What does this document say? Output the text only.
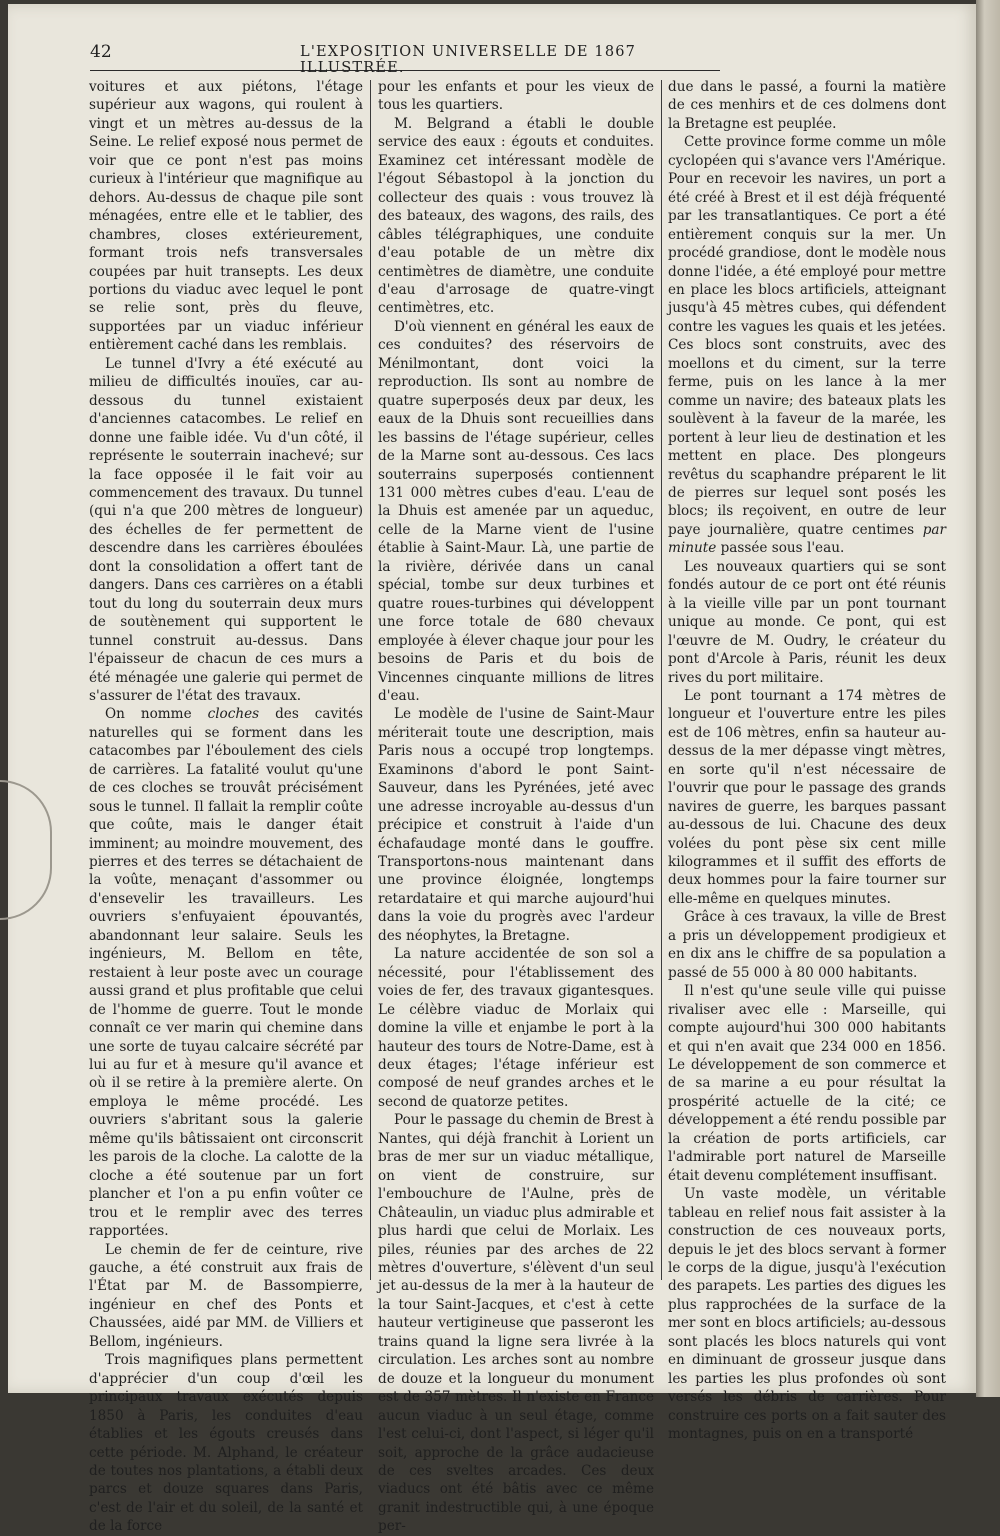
42	L'EXPOSITION UNIVERSELLE DE 1867 ILLUSTRÉE.

voitures et aux piétons, l'étage supérieur aux wagons, qui roulent à vingt et un mètres au-dessus de la Seine. Le relief exposé nous permet de voir que ce pont n'est pas moins curieux à l'intérieur que magnifique au dehors. Au-dessus de chaque pile sont ménagées, entre elle et le tablier, des chambres, closes extérieurement, formant trois nefs transversales coupées par huit transepts. Les deux portions du viaduc avec lequel le pont se relie sont, près du fleuve, supportées par un viaduc inférieur entièrement caché dans les remblais.

Le tunnel d'Ivry a été exécuté au milieu de difficultés inouïes, car au-dessous du tunnel existaient d'anciennes catacombes. Le relief en donne une faible idée. Vu d'un côté, il représente le souterrain inachevé; sur la face opposée il le fait voir au commencement des travaux. Du tunnel (qui n'a que 200 mètres de longueur) des échelles de fer permettent de descendre dans les carrières éboulées dont la consolidation a offert tant de dangers. Dans ces carrières on a établi tout du long du souterrain deux murs de soutènement qui supportent le tunnel construit au-dessus. Dans l'épaisseur de chacun de ces murs a été ménagée une galerie qui permet de s'assurer de l'état des travaux.

On nomme cloches des cavités naturelles qui se forment dans les catacombes par l'éboulement des ciels de carrières. La fatalité voulut qu'une de ces cloches se trouvât précisément sous le tunnel. Il fallait la remplir coûte que coûte, mais le danger était imminent; au moindre mouvement, des pierres et des terres se détachaient de la voûte, menaçant d'assommer ou d'ensevelir les travailleurs. Les ouvriers s'enfuyaient épouvantés, abandonnant leur salaire. Seuls les ingénieurs, M. Bellom en tête, restaient à leur poste avec un courage aussi grand et plus profitable que celui de l'homme de guerre. Tout le monde connaît ce ver marin qui chemine dans une sorte de tuyau calcaire sécrété par lui au fur et à mesure qu'il avance et où il se retire à la première alerte. On employa le même procédé. Les ouvriers s'abritant sous la galerie même qu'ils bâtissaient ont circonscrit les parois de la cloche. La calotte de la cloche a été soutenue par un fort plancher et l'on a pu enfin voûter ce trou et le remplir avec des terres rapportées.

Le chemin de fer de ceinture, rive gauche, a été construit aux frais de l'État par M. de Bassompierre, ingénieur en chef des Ponts et Chaussées, aidé par MM. de Villiers et Bellom, ingénieurs.

Trois magnifiques plans permettent d'apprécier d'un coup d'œil les principaux travaux exécutés depuis 1850 à Paris, les conduites d'eau établies et les égouts creusés dans cette période. M. Alphand, le créateur de toutes nos plantations, a établi deux parcs et douze squares dans Paris, c'est de l'air et du soleil, de la santé et de la force

pour les enfants et pour les vieux de tous les quartiers.

M. Belgrand a établi le double service des eaux : égouts et conduites. Examinez cet intéressant modèle de l'égout Sébastopol à la jonction du collecteur des quais : vous trouvez là des bateaux, des wagons, des rails, des câbles télégraphiques, une conduite d'eau potable de un mètre dix centimètres de diamètre, une conduite d'eau d'arrosage de quatre-vingt centimètres, etc.

D'où viennent en général les eaux de ces conduites? des réservoirs de Ménilmontant, dont voici la reproduction. Ils sont au nombre de quatre superposés deux par deux, les eaux de la Dhuis sont recueillies dans les bassins de l'étage supérieur, celles de la Marne sont au-dessous. Ces lacs souterrains superposés contiennent 131 000 mètres cubes d'eau. L'eau de la Dhuis est amenée par un aqueduc, celle de la Marne vient de l'usine établie à Saint-Maur. Là, une partie de la rivière, dérivée dans un canal spécial, tombe sur deux turbines et quatre roues-turbines qui développent une force totale de 680 chevaux employée à élever chaque jour pour les besoins de Paris et du bois de Vincennes cinquante millions de litres d'eau.

Le modèle de l'usine de Saint-Maur mériterait toute une description, mais Paris nous a occupé trop longtemps. Examinons d'abord le pont Saint-Sauveur, dans les Pyrénées, jeté avec une adresse incroyable au-dessus d'un précipice et construit à l'aide d'un échafaudage monté dans le gouffre. Transportons-nous maintenant dans une province éloignée, longtemps retardataire et qui marche aujourd'hui dans la voie du progrès avec l'ardeur des néophytes, la Bretagne.

La nature accidentée de son sol a nécessité, pour l'établissement des voies de fer, des travaux gigantesques. Le célèbre viaduc de Morlaix qui domine la ville et enjambe le port à la hauteur des tours de Notre-Dame, est à deux étages; l'étage inférieur est composé de neuf grandes arches et le second de quatorze petites.

Pour le passage du chemin de Brest à Nantes, qui déjà franchit à Lorient un bras de mer sur un viaduc métallique, on vient de construire, sur l'embouchure de l'Aulne, près de Châteaulin, un viaduc plus admirable et plus hardi que celui de Morlaix. Les piles, réunies par des arches de 22 mètres d'ouverture, s'élèvent d'un seul jet au-dessus de la mer à la hauteur de la tour Saint-Jacques, et c'est à cette hauteur vertigineuse que passeront les trains quand la ligne sera livrée à la circulation. Les arches sont au nombre de douze et la longueur du monument est de 357 mètres. Il n'existe en France aucun viaduc à un seul étage, comme l'est celui-ci, dont l'aspect, si léger qu'il soit, approche de la grâce audacieuse de ces sveltes arcades. Ces deux viaducs ont été bâtis avec ce même granit indestructible qui, à une époque per-

due dans le passé, a fourni la matière de ces menhirs et de ces dolmens dont la Bretagne est peuplée.

Cette province forme comme un môle cyclopéen qui s'avance vers l'Amérique. Pour en recevoir les navires, un port a été créé à Brest et il est déjà fréquenté par les transatlantiques. Ce port a été entièrement conquis sur la mer. Un procédé grandiose, dont le modèle nous donne l'idée, a été employé pour mettre en place les blocs artificiels, atteignant jusqu'à 45 mètres cubes, qui défendent contre les vagues les quais et les jetées. Ces blocs sont construits, avec des moellons et du ciment, sur la terre ferme, puis on les lance à la mer comme un navire; des bateaux plats les soulèvent à la faveur de la marée, les portent à leur lieu de destination et les mettent en place. Des plongeurs revêtus du scaphandre préparent le lit de pierres sur lequel sont posés les blocs; ils reçoivent, en outre de leur paye journalière, quatre centimes par minute passée sous l'eau.

Les nouveaux quartiers qui se sont fondés autour de ce port ont été réunis à la vieille ville par un pont tournant unique au monde. Ce pont, qui est l'œuvre de M. Oudry, le créateur du pont d'Arcole à Paris, réunit les deux rives du port militaire.

Le pont tournant a 174 mètres de longueur et l'ouverture entre les piles est de 106 mètres, enfin sa hauteur au-dessus de la mer dépasse vingt mètres, en sorte qu'il n'est nécessaire de l'ouvrir que pour le passage des grands navires de guerre, les barques passant au-dessous de lui. Chacune des deux volées du pont pèse six cent mille kilogrammes et il suffit des efforts de deux hommes pour la faire tourner sur elle-même en quelques minutes.

Grâce à ces travaux, la ville de Brest a pris un développement prodigieux et en dix ans le chiffre de sa population a passé de 55 000 à 80 000 habitants.

Il n'est qu'une seule ville qui puisse rivaliser avec elle : Marseille, qui compte aujourd'hui 300 000 habitants et qui n'en avait que 234 000 en 1856. Le développement de son commerce et de sa marine a eu pour résultat la prospérité actuelle de la cité; ce développement a été rendu possible par la création de ports artificiels, car l'admirable port naturel de Marseille était devenu complétement insuffisant.

Un vaste modèle, un véritable tableau en relief nous fait assister à la construction de ces nouveaux ports, depuis le jet des blocs servant à former le corps de la digue, jusqu'à l'exécution des parapets. Les parties des digues les plus rapprochées de la surface de la mer sont en blocs artificiels; au-dessous sont placés les blocs naturels qui vont en diminuant de grosseur jusque dans les parties les plus profondes où sont versés les débris de carrières. Pour construire ces ports on a fait sauter des montagnes, puis on en a transporté
